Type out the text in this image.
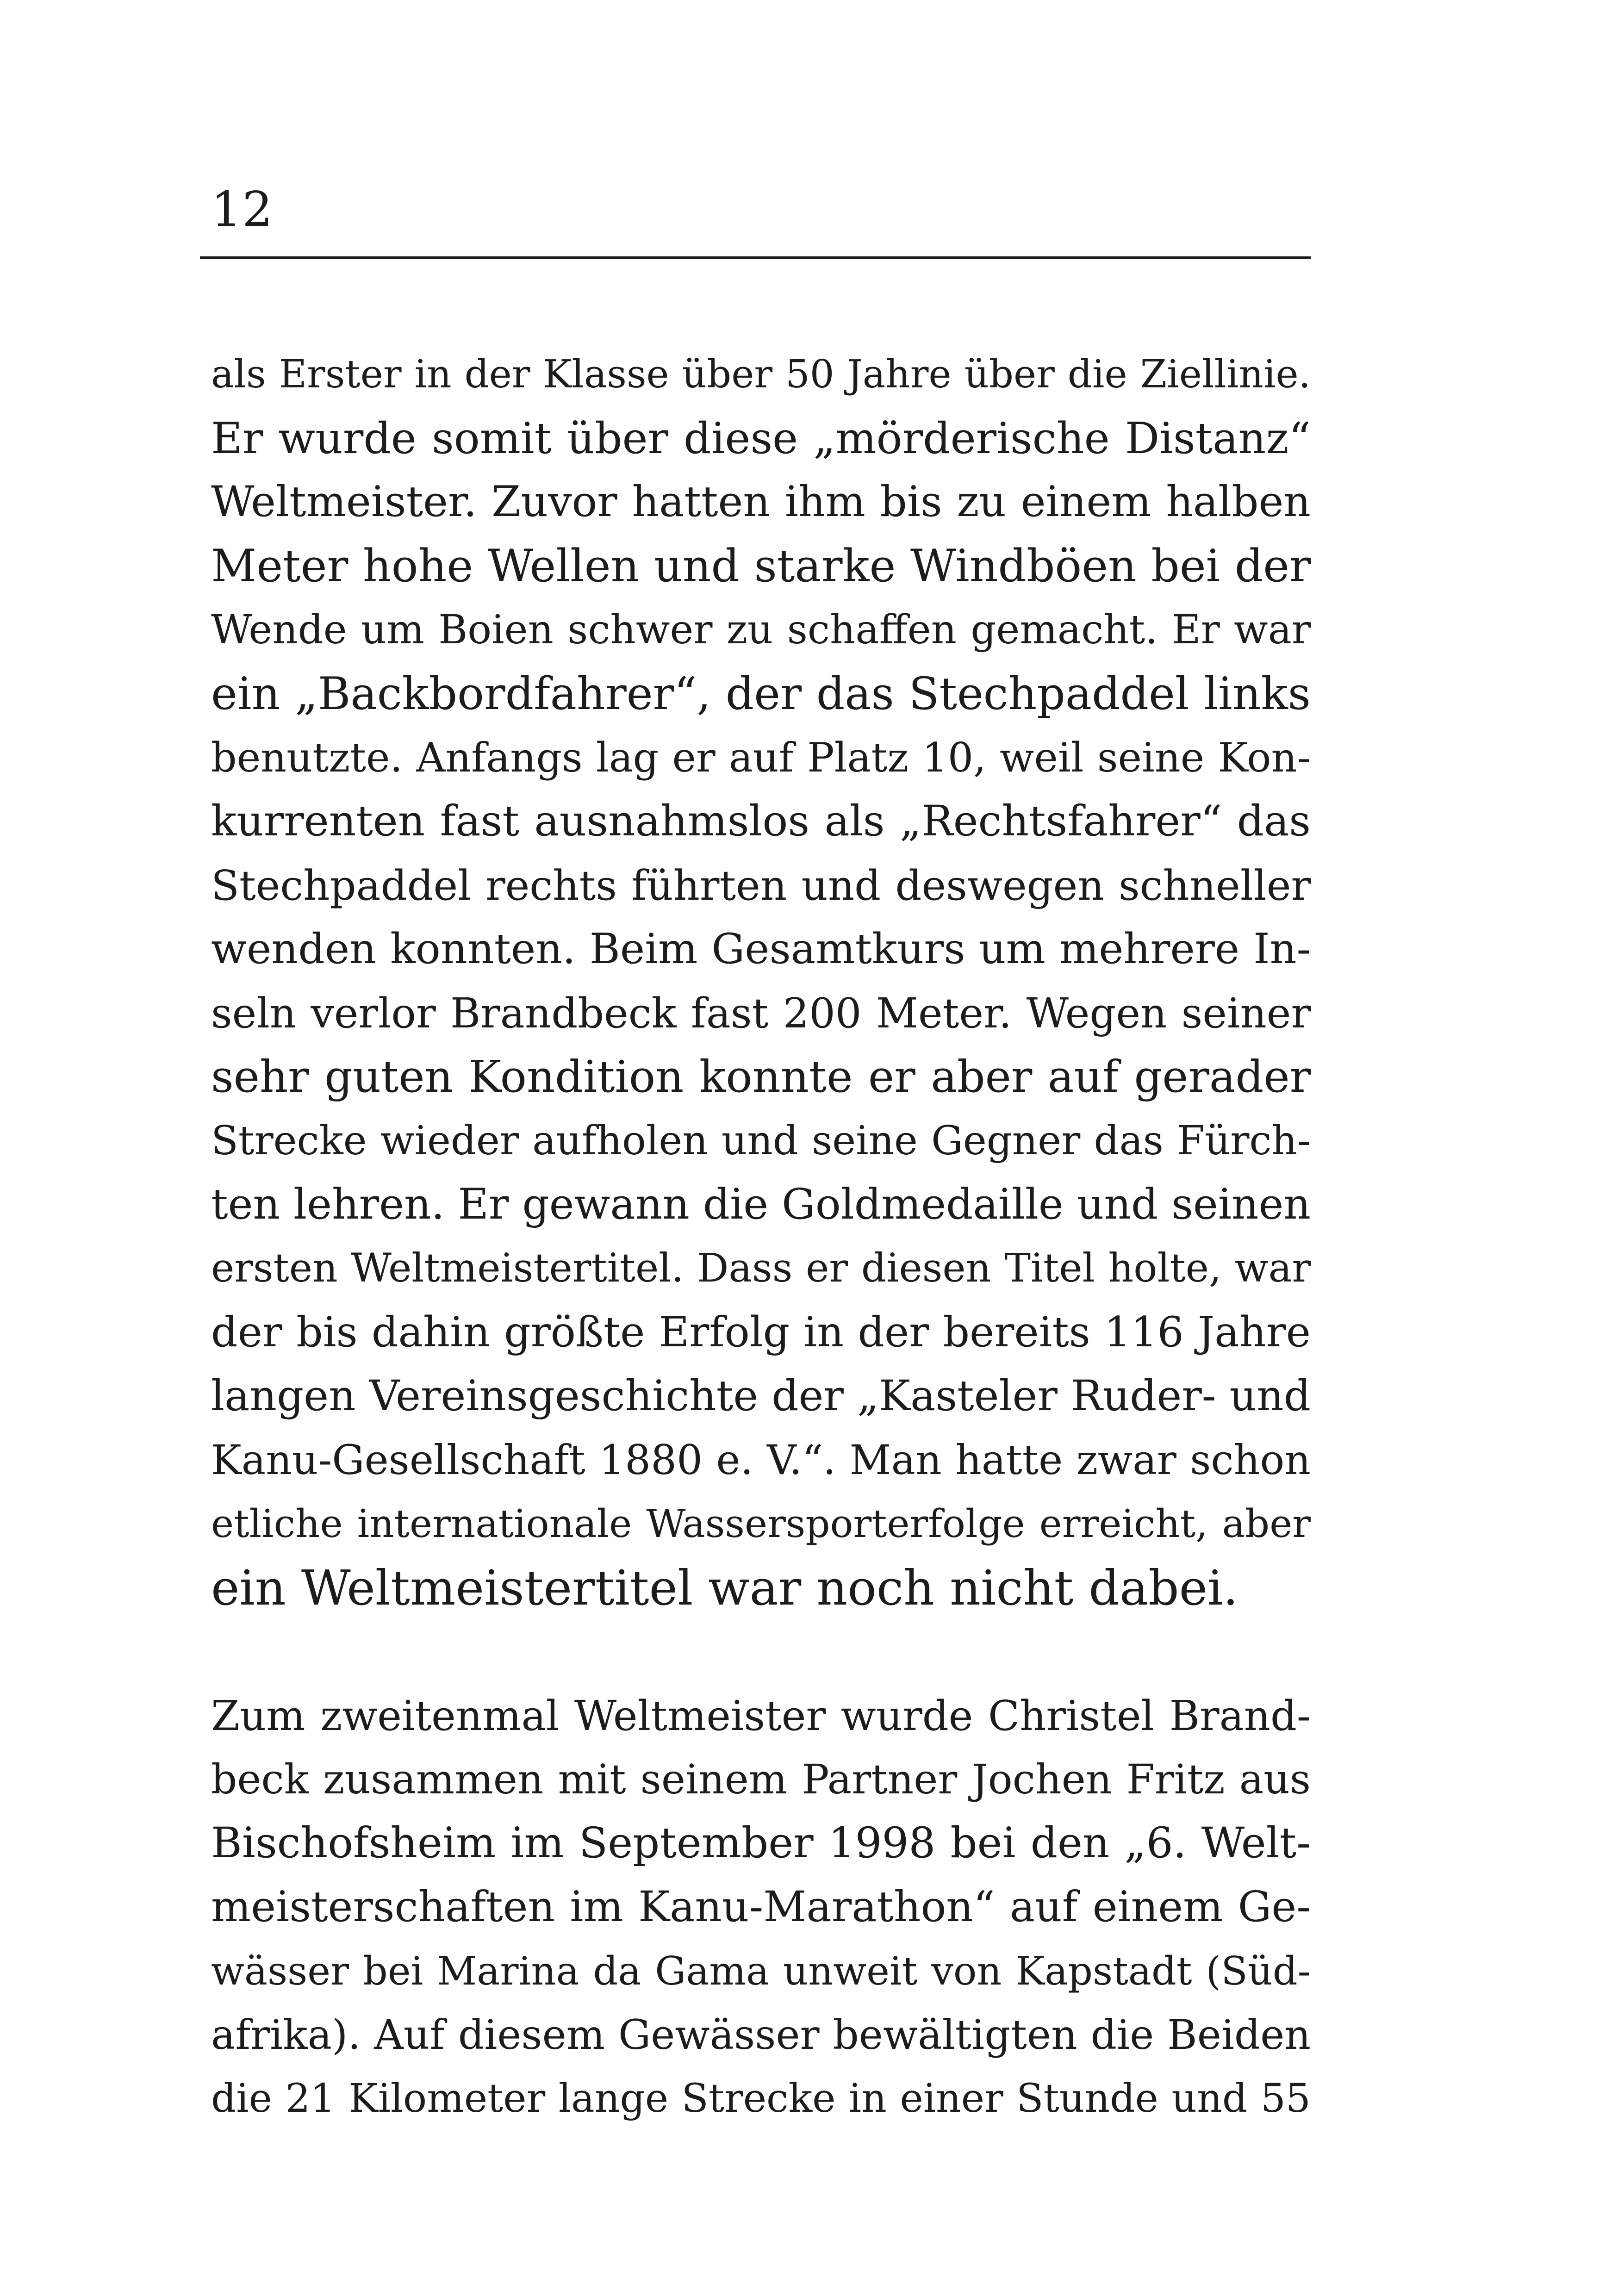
12
als Erster in der Klasse über 50 Jahre über die Ziellinie.
Er wurde somit über diese „mörderische Distanz“
Weltmeister. Zuvor hatten ihm bis zu einem halben
Meter hohe Wellen und starke Windböen bei der
Wende um Boien schwer zu schaffen gemacht. Er war
ein „Backbordfahrer“, der das Stechpaddel links
benutzte. Anfangs lag er auf Platz 10, weil seine Kon-
kurrenten fast ausnahmslos als „Rechtsfahrer“ das
Stechpaddel rechts führten und deswegen schneller
wenden konnten. Beim Gesamtkurs um mehrere In-
seln verlor Brandbeck fast 200 Meter. Wegen seiner
sehr guten Kondition konnte er aber auf gerader
Strecke wieder aufholen und seine Gegner das Fürch-
ten lehren. Er gewann die Goldmedaille und seinen
ersten Weltmeistertitel. Dass er diesen Titel holte, war
der bis dahin größte Erfolg in der bereits 116 Jahre
langen Vereinsgeschichte der „Kasteler Ruder- und
Kanu-Gesellschaft 1880 e. V.“. Man hatte zwar schon
etliche internationale Wassersporterfolge erreicht, aber
ein Weltmeistertitel war noch nicht dabei.
Zum zweitenmal Weltmeister wurde Christel Brand-
beck zusammen mit seinem Partner Jochen Fritz aus
Bischofsheim im September 1998 bei den „6. Welt-
meisterschaften im Kanu-Marathon“ auf einem Ge-
wässer bei Marina da Gama unweit von Kapstadt (Süd-
afrika). Auf diesem Gewässer bewältigten die Beiden
die 21 Kilometer lange Strecke in einer Stunde und 55
